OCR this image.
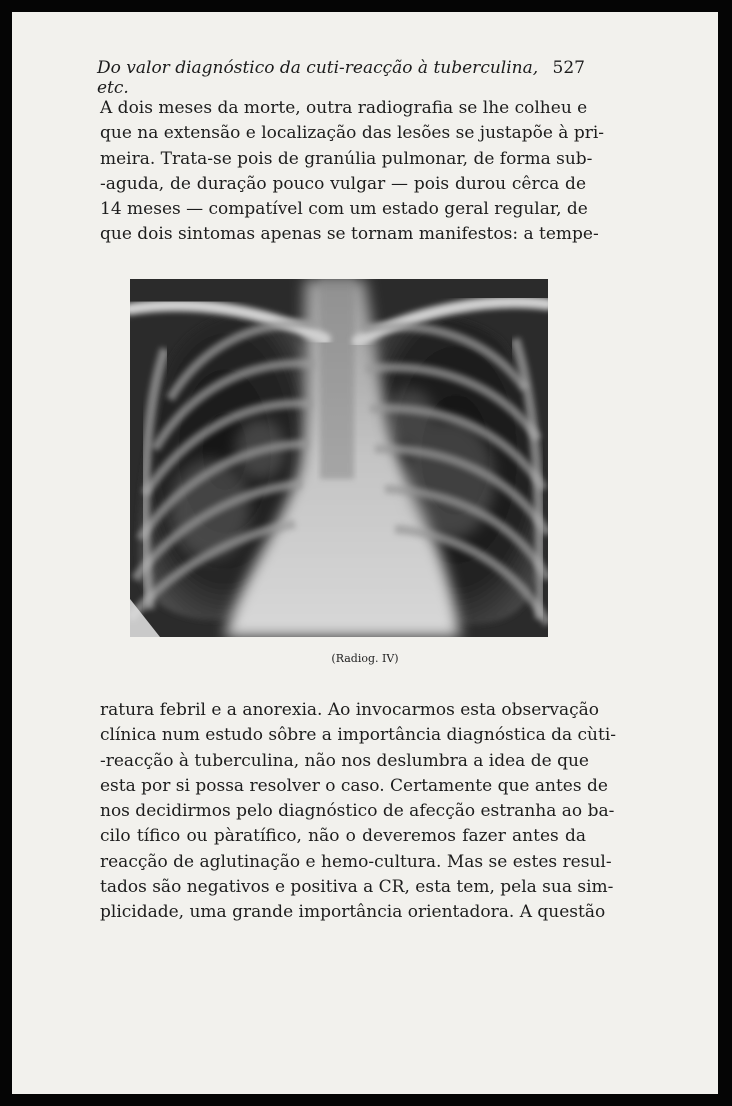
Do valor diagnóstico da cuti-reacção à tuberculina, etc.
527
A dois meses da morte, outra radiografia se lhe colheu e
que na extensão e localização das lesões se justapõe à pri-
meira. Trata-se pois de granúlia pulmonar, de forma sub-
-aguda, de duração pouco vulgar — pois durou cêrca de
14 meses — compatível com um estado geral regular, de
que dois sintomas apenas se tornam manifestos: a tempe-
(Radiog. IV)
ratura febril e a anorexia. Ao invocarmos esta observação
clínica num estudo sôbre a importância diagnóstica da cùti-
-reacção à tuberculina, não nos deslumbra a idea de que
esta por si possa resolver o caso. Certamente que antes de
nos decidirmos pelo diagnóstico de afecção estranha ao ba-
cilo tífico ou pàratífico, não o deveremos fazer antes da
reacção de aglutinação e hemo-cultura. Mas se estes resul-
tados são negativos e positiva a CR, esta tem, pela sua sim-
plicidade, uma grande importância orientadora. A questão
